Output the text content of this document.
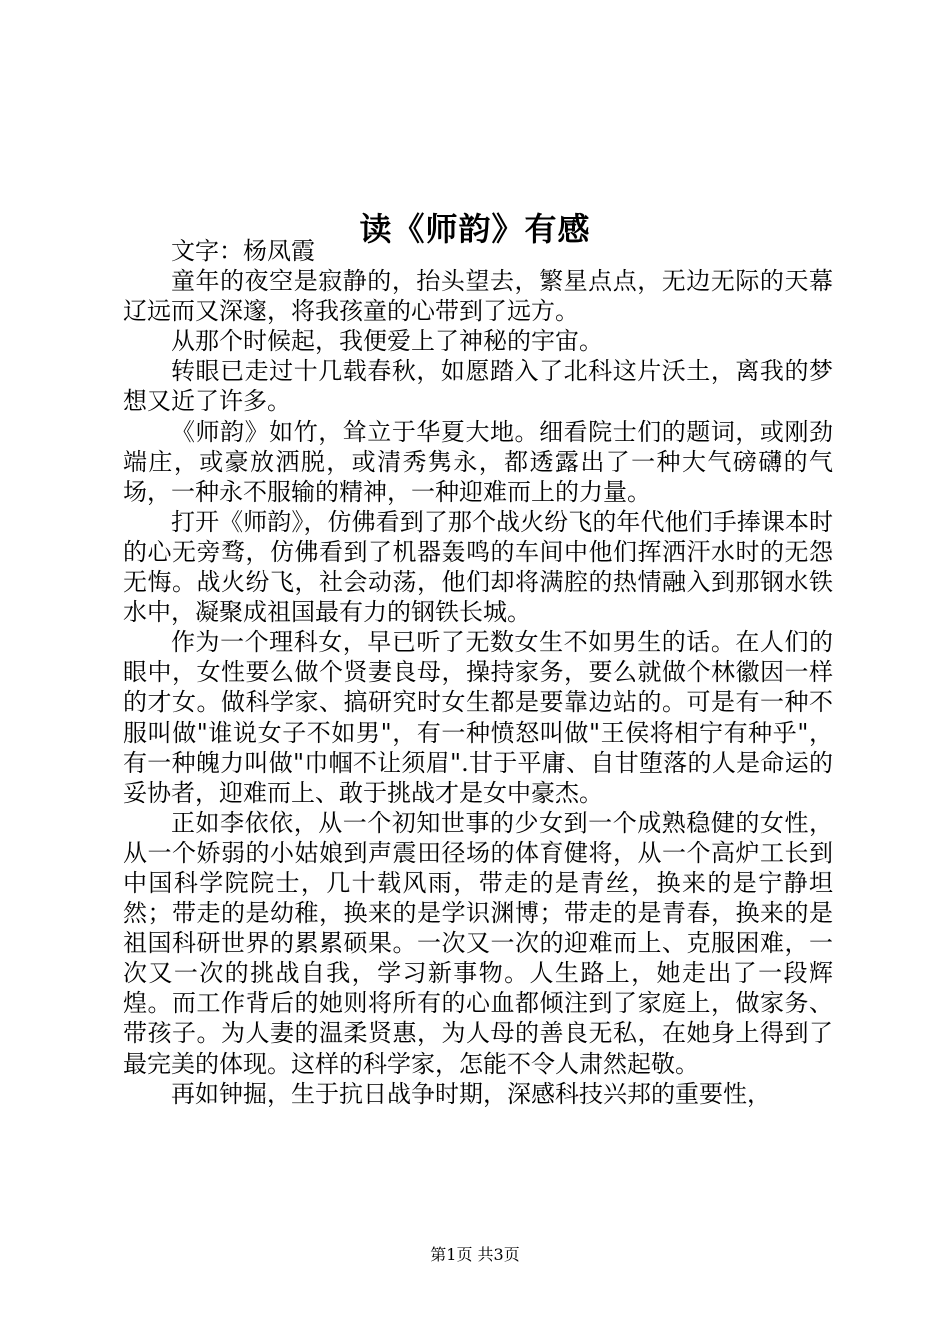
读《师韵》有感

文字：杨凤霞

童年的夜空是寂静的，抬头望去，繁星点点，无边无际的天幕辽远而又深邃，将我孩童的心带到了远方。

从那个时候起，我便爱上了神秘的宇宙。

转眼已走过十几载春秋，如愿踏入了北科这片沃土，离我的梦想又近了许多。

《师韵》如竹，耸立于华夏大地。细看院士们的题词，或刚劲端庄，或豪放洒脱，或清秀隽永，都透露出了一种大气磅礴的气场，一种永不服输的精神，一种迎难而上的力量。

打开《师韵》，仿佛看到了那个战火纷飞的年代他们手捧课本时的心无旁骛，仿佛看到了机器轰鸣的车间中他们挥洒汗水时的无怨无悔。战火纷飞，社会动荡，他们却将满腔的热情融入到那钢水铁水中，凝聚成祖国最有力的钢铁长城。

作为一个理科女，早已听了无数女生不如男生的话。在人们的眼中，女性要么做个贤妻良母，操持家务，要么就做个林徽因一样的才女。做科学家、搞研究时女生都是要靠边站的。可是有一种不服叫做"谁说女子不如男"，有一种愤怒叫做"王侯将相宁有种乎"，有一种魄力叫做"巾帼不让须眉".甘于平庸、自甘堕落的人是命运的妥协者，迎难而上、敢于挑战才是女中豪杰。

正如李依依，从一个初知世事的少女到一个成熟稳健的女性，从一个娇弱的小姑娘到声震田径场的体育健将，从一个高炉工长到中国科学院院士，几十载风雨，带走的是青丝，换来的是宁静坦然；带走的是幼稚，换来的是学识渊博；带走的是青春，换来的是祖国科研世界的累累硕果。一次又一次的迎难而上、克服困难，一次又一次的挑战自我，学习新事物。人生路上，她走出了一段辉煌。而工作背后的她则将所有的心血都倾注到了家庭上，做家务、带孩子。为人妻的温柔贤惠，为人母的善良无私，在她身上得到了最完美的体现。这样的科学家，怎能不令人肃然起敬。

再如钟掘，生于抗日战争时期，深感科技兴邦的重要性，

第1页 共3页
